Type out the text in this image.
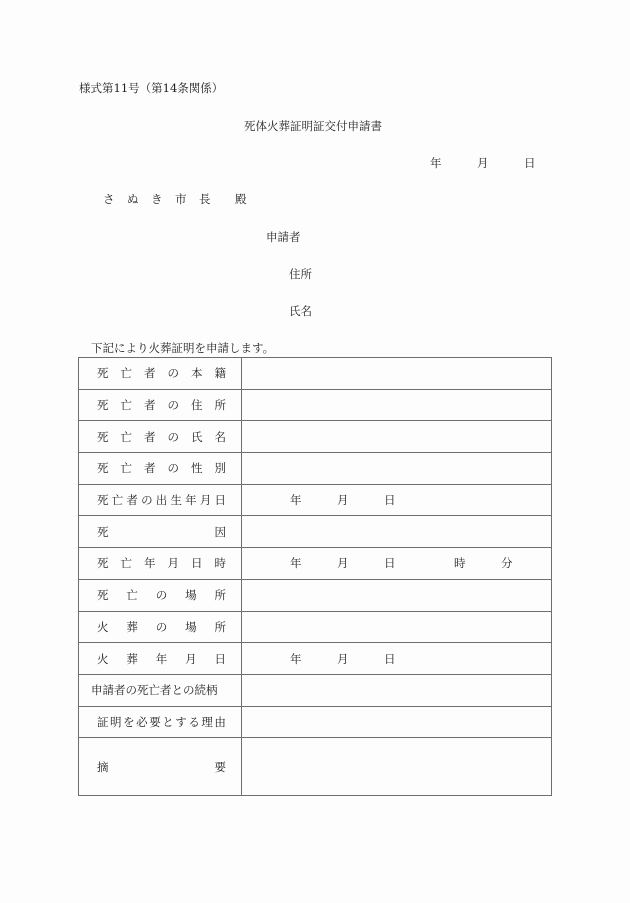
様式第11号（第14条関係）
死体火葬証明証交付申請書
年	月	日
さ ぬ き 市 長 殿
申請者
住所
氏名
下記により火葬証明を申請します。
死 亡 者 の 本 籍

死 亡 者 の 住 所

死 亡 者 の 氏 名

死 亡 者 の 性 別

死 亡 者 の 出 生 年 月 日	年	月	日

死 因	

死 亡 年 月 日 時	年	月	日	時	分

死 亡 の 場 所	

火 葬 の 場 所	

火 葬 年 月 日	年 月 日

申請者の死亡者との続柄	

証 明 を 必 要 と す る 理 由

摘 要	
